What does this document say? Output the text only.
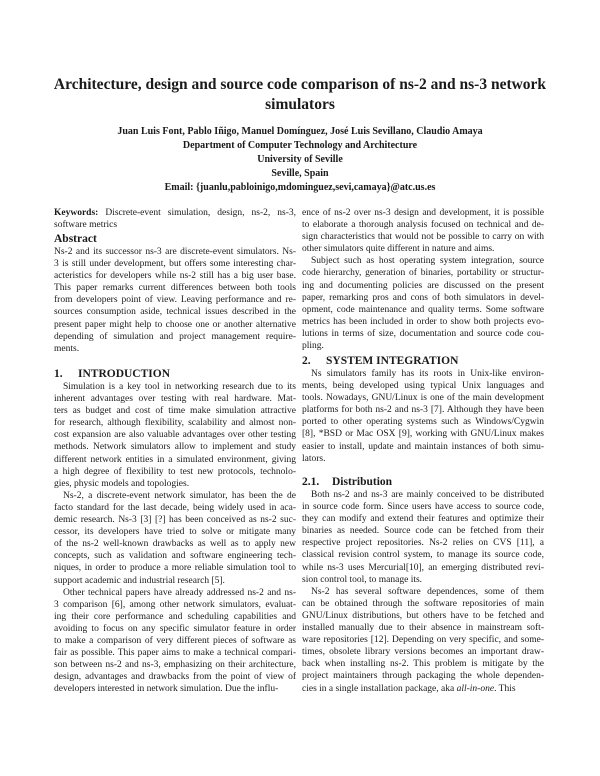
Architecture, design and source code comparison of ns-2 and ns-3 network
simulators
Juan Luis Font, Pablo Iñigo, Manuel Domínguez, José Luis Sevillano, Claudio Amaya
Department of Computer Technology and Architecture
University of Seville
Seville, Spain
Email: {juanlu,pabloinigo,mdominguez,sevi,camaya}@atc.us.es
Keywords: Discrete-event simulation, design, ns-2, ns-3,
software metrics
Abstract
Ns-2 and its successor ns-3 are discrete-event simulators. Ns-
3 is still under development, but offers some interesting char-
acteristics for developers while ns-2 still has a big user base.
This paper remarks current differences between both tools
from developers point of view. Leaving performance and re-
sources consumption aside, technical issues described in the
present paper might help to choose one or another alternative
depending of simulation and project management require-
ments.
1. INTRODUCTION
Simulation is a key tool in networking research due to its
inherent advantages over testing with real hardware. Mat-
ters as budget and cost of time make simulation attractive
for research, although flexibility, scalability and almost non-
cost expansion are also valuable advantages over other testing
methods. Network simulators allow to implement and study
different network entities in a simulated environment, giving
a high degree of flexibility to test new protocols, technolo-
gies, physic models and topologies.
Ns-2, a discrete-event network simulator, has been the de
facto standard for the last decade, being widely used in aca-
demic research. Ns-3 [3] [?] has been conceived as ns-2 suc-
cessor, its developers have tried to solve or mitigate many
of the ns-2 well-known drawbacks as well as to apply new
concepts, such as validation and software engineering tech-
niques, in order to produce a more reliable simulation tool to
support academic and industrial research [5].
Other technical papers have already addressed ns-2 and ns-
3 comparison [6], among other network simulators, evaluat-
ing their core performance and scheduling capabilities and
avoiding to focus on any specific simulator feature in order
to make a comparison of very different pieces of software as
fair as possible. This paper aims to make a technical compari-
son between ns-2 and ns-3, emphasizing on their architecture,
design, advantages and drawbacks from the point of view of
developers interested in network simulation. Due the influ-
ence of ns-2 over ns-3 design and development, it is possible
to elaborate a thorough analysis focused on technical and de-
sign characteristics that would not be possible to carry on with
other simulators quite different in nature and aims.
Subject such as host operating system integration, source
code hierarchy, generation of binaries, portability or structur-
ing and documenting policies are discussed on the present
paper, remarking pros and cons of both simulators in devel-
opment, code maintenance and quality terms. Some software
metrics has been included in order to show both projects evo-
lutions in terms of size, documentation and source code cou-
pling.
2. SYSTEM INTEGRATION
Ns simulators family has its roots in Unix-like environ-
ments, being developed using typical Unix languages and
tools. Nowadays, GNU/Linux is one of the main development
platforms for both ns-2 and ns-3 [7]. Although they have been
ported to other operating systems such as Windows/Cygwin
[8], *BSD or Mac OSX [9], working with GNU/Linux makes
easier to install, update and maintain instances of both simu-
lators.
2.1. Distribution
Both ns-2 and ns-3 are mainly conceived to be distributed
in source code form. Since users have access to source code,
they can modify and extend their features and optimize their
binaries as needed. Source code can be fetched from their
respective project repositories. Ns-2 relies on CVS [11], a
classical revision control system, to manage its source code,
while ns-3 uses Mercurial[10], an emerging distributed revi-
sion control tool, to manage its.
Ns-2 has several software dependences, some of them
can be obtained through the software repositories of main
GNU/Linux distributions, but others have to be fetched and
installed manually due to their absence in mainstream soft-
ware repositories [12]. Depending on very specific, and some-
times, obsolete library versions becomes an important draw-
back when installing ns-2. This problem is mitigate by the
project maintainers through packaging the whole dependen-
cies in a single installation package, aka all-in-one. This
